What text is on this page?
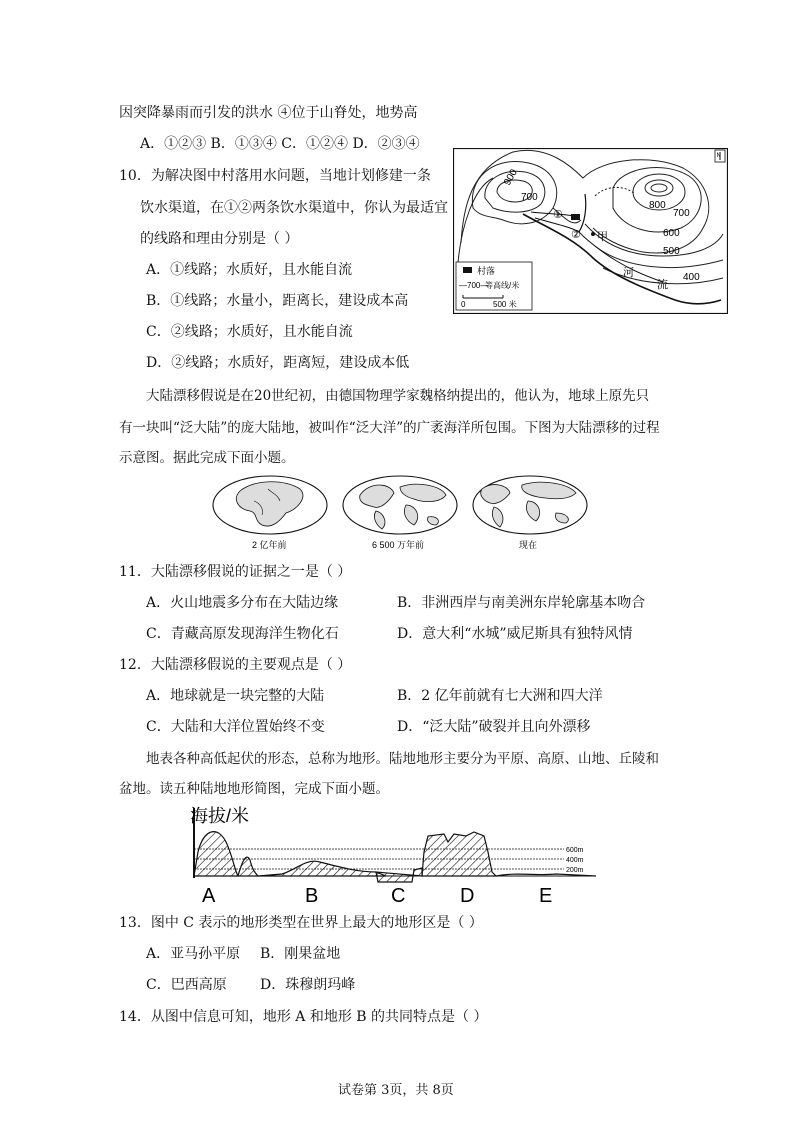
因突降暴雨而引发的洪水 ④位于山脊处，地势高
A．①②③ B．①③④ C．①②④ D．②③④
10．为解决图中村落用水问题，当地计划修建一条
饮水渠道，在①②两条饮水渠道中，你认为最适宜
的线路和理由分别是（ ）
A．①线路；水质好，且水能自流
B．①线路；水量小，距离长，建设成本高
C．②线路；水质好，且水能自流
D．②线路；水质好，距离短，建设成本低
900
700
800
700
600
500
400
①
② 甲
河
流
N
村落
—700—
等高线/米
0	500 米
大陆漂移假说是在20世纪初，由德国物理学家魏格纳提出的，他认为，地球上原先只
有一块叫“泛大陆”的庞大陆地，被叫作“泛大洋”的广袤海洋所包围。下图为大陆漂移的过程
示意图。据此完成下面小题。
2 亿年前	6 500 万年前	现在
11．大陆漂移假说的证据之一是（ ）
A．火山地震多分布在大陆边缘	B．非洲西岸与南美洲东岸轮廓基本吻合
C．青藏高原发现海洋生物化石	D．意大利“水城”威尼斯具有独特风情
12．大陆漂移假说的主要观点是（ ）
A．地球就是一块完整的大陆	B．2 亿年前就有七大洲和四大洋
C．大陆和大洋位置始终不变	D．“泛大陆”破裂并且向外漂移
地表各种高低起伏的形态，总称为地形。陆地地形主要分为平原、高原、山地、丘陵和
盆地。读五种陆地地形简图，完成下面小题。
海拔/米
600m
400m
200m
A	B	C	D	E
13．图中 C 表示的地形类型在世界上最大的地形区是（ ）
A．亚马孙平原 B．刚果盆地
C．巴西高原 D．珠穆朗玛峰
14．从图中信息可知，地形 A 和地形 B 的共同特点是（ ）
试卷第 3页，共 8页
